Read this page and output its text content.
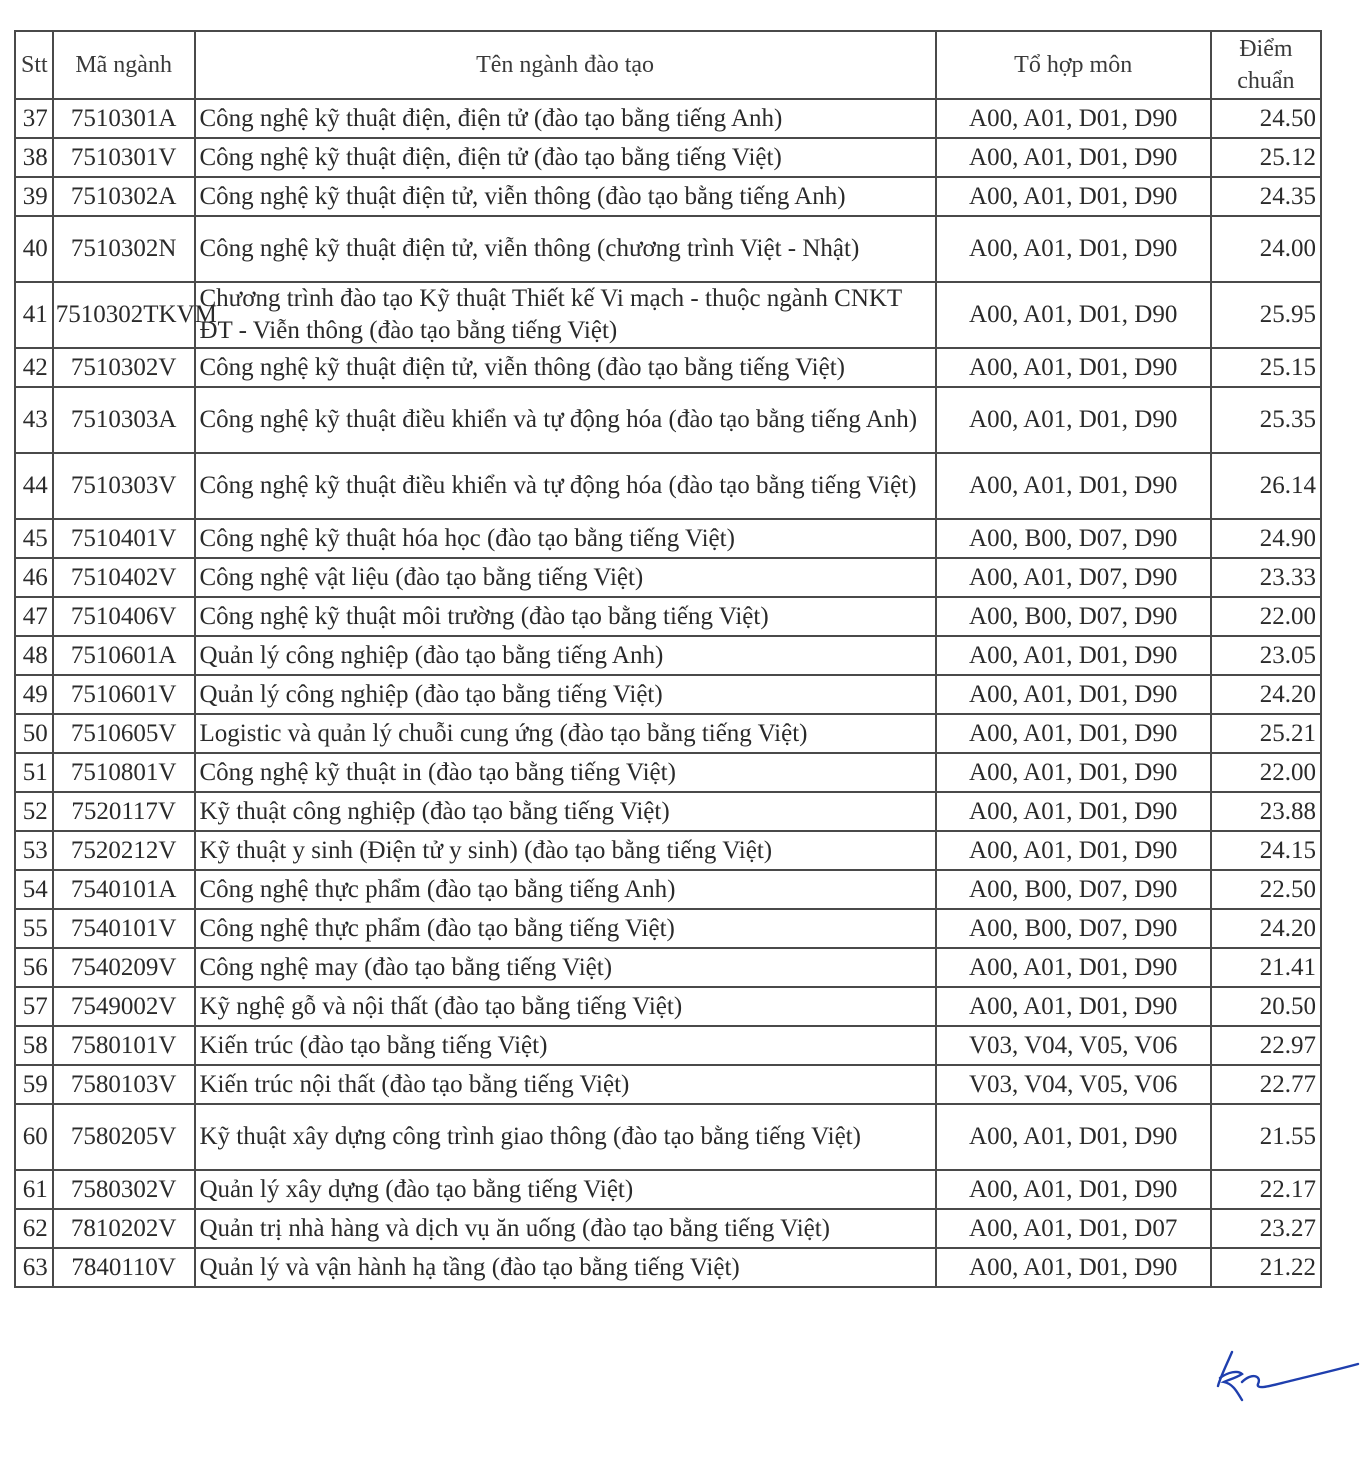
Stt	Mã ngành	Tên ngành đào tạo	Tổ hợp môn	Điểm
chuẩn
37	7510301A	Công nghệ kỹ thuật điện, điện tử (đào tạo bằng tiếng Anh)	A00, A01, D01, D90	24.50
38	7510301V	Công nghệ kỹ thuật điện, điện tử (đào tạo bằng tiếng Việt)	A00, A01, D01, D90	25.12
39	7510302A	Công nghệ kỹ thuật điện tử, viễn thông (đào tạo bằng tiếng Anh)	A00, A01, D01, D90	24.35
40	7510302N	Công nghệ kỹ thuật điện tử, viễn thông (chương trình Việt - Nhật)	A00, A01, D01, D90	24.00
41	7510302TKVM	Chương trình đào tạo Kỹ thuật Thiết kế Vi mạch - thuộc ngành CNKT ĐT - Viễn thông (đào tạo bằng tiếng Việt)	A00, A01, D01, D90	25.95
42	7510302V	Công nghệ kỹ thuật điện tử, viễn thông (đào tạo bằng tiếng Việt)	A00, A01, D01, D90	25.15
43	7510303A	Công nghệ kỹ thuật điều khiển và tự động hóa (đào tạo bằng tiếng Anh)	A00, A01, D01, D90	25.35
44	7510303V	Công nghệ kỹ thuật điều khiển và tự động hóa (đào tạo bằng tiếng Việt)	A00, A01, D01, D90	26.14
45	7510401V	Công nghệ kỹ thuật hóa học (đào tạo bằng tiếng Việt)	A00, B00, D07, D90	24.90
46	7510402V	Công nghệ vật liệu (đào tạo bằng tiếng Việt)	A00, A01, D07, D90	23.33
47	7510406V	Công nghệ kỹ thuật môi trường (đào tạo bằng tiếng Việt)	A00, B00, D07, D90	22.00
48	7510601A	Quản lý công nghiệp (đào tạo bằng tiếng Anh)	A00, A01, D01, D90	23.05
49	7510601V	Quản lý công nghiệp (đào tạo bằng tiếng Việt)	A00, A01, D01, D90	24.20
50	7510605V	Logistic và quản lý chuỗi cung ứng (đào tạo bằng tiếng Việt)	A00, A01, D01, D90	25.21
51	7510801V	Công nghệ kỹ thuật in (đào tạo bằng tiếng Việt)	A00, A01, D01, D90	22.00
52	7520117V	Kỹ thuật công nghiệp (đào tạo bằng tiếng Việt)	A00, A01, D01, D90	23.88
53	7520212V	Kỹ thuật y sinh (Điện tử y sinh) (đào tạo bằng tiếng Việt)	A00, A01, D01, D90	24.15
54	7540101A	Công nghệ thực phẩm (đào tạo bằng tiếng Anh)	A00, B00, D07, D90	22.50
55	7540101V	Công nghệ thực phẩm (đào tạo bằng tiếng Việt)	A00, B00, D07, D90	24.20
56	7540209V	Công nghệ may (đào tạo bằng tiếng Việt)	A00, A01, D01, D90	21.41
57	7549002V	Kỹ nghệ gỗ và nội thất (đào tạo bằng tiếng Việt)	A00, A01, D01, D90	20.50
58	7580101V	Kiến trúc (đào tạo bằng tiếng Việt)	V03, V04, V05, V06	22.97
59	7580103V	Kiến trúc nội thất (đào tạo bằng tiếng Việt)	V03, V04, V05, V06	22.77
60	7580205V	Kỹ thuật xây dựng công trình giao thông (đào tạo bằng tiếng Việt)	A00, A01, D01, D90	21.55
61	7580302V	Quản lý xây dựng (đào tạo bằng tiếng Việt)	A00, A01, D01, D90	22.17
62	7810202V	Quản trị nhà hàng và dịch vụ ăn uống (đào tạo bằng tiếng Việt)	A00, A01, D01, D07	23.27
63	7840110V	Quản lý và vận hành hạ tầng (đào tạo bằng tiếng Việt)	A00, A01, D01, D90	21.22
